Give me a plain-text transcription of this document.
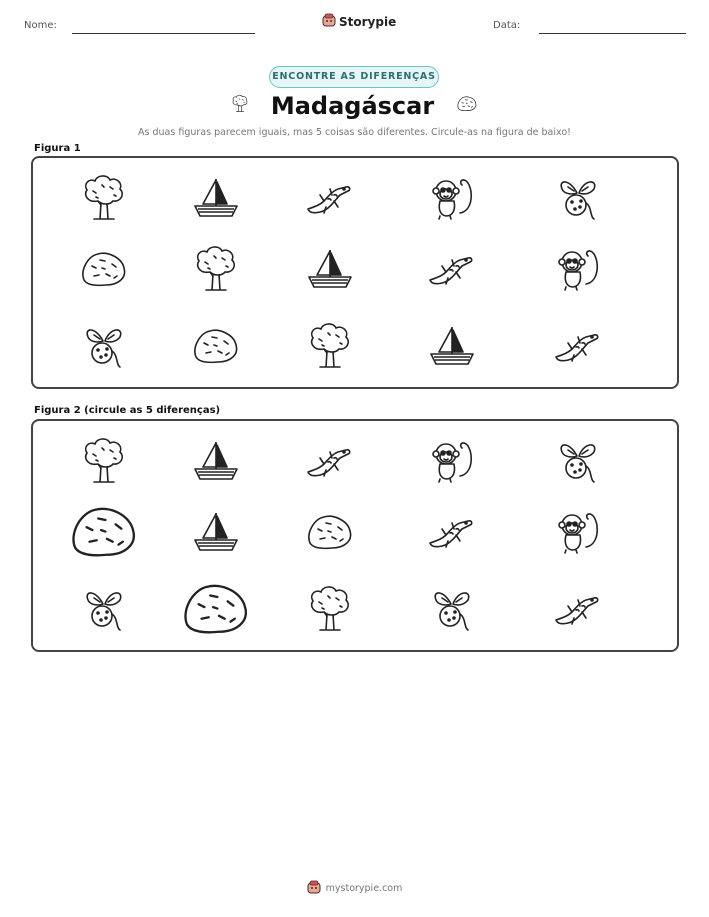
Nome:	Storypie	Data:
ENCONTRE AS DIFERENÇAS
Madagáscar
As duas figuras parecem iguais, mas 5 coisas são diferentes. Circule-as na figura de baixo!
Figura 1
Figura 2 (circule as 5 diferenças)
mystorypie.com
